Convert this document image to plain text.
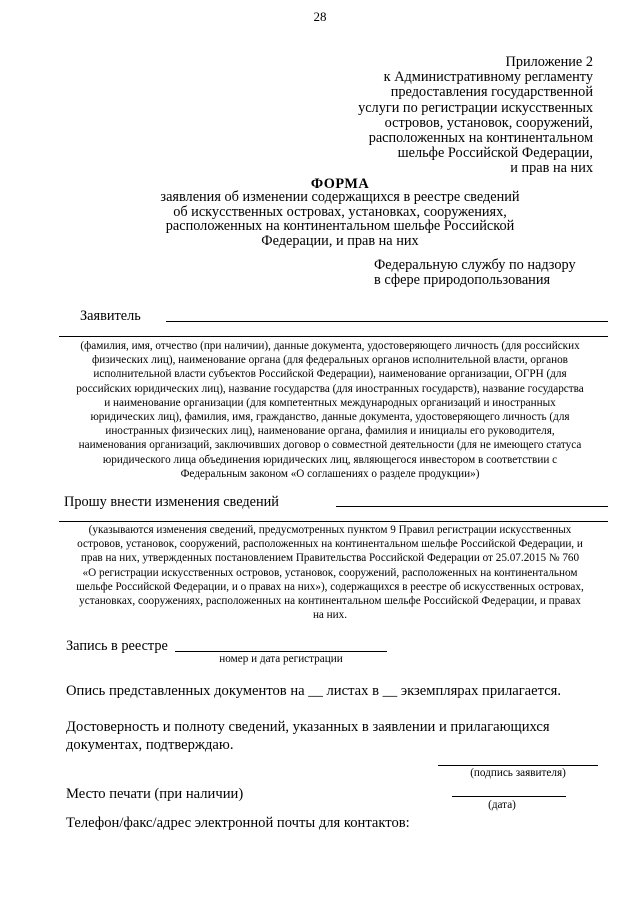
28
Приложение 2
к Административному регламенту
предоставления государственной
услуги по регистрации искусственных
островов, установок, сооружений,
расположенных на континентальном
шельфе Российской Федерации,
и прав на них
ФОРМА
заявления об изменении содержащихся в реестре сведений
об искусственных островах, установках, сооружениях,
расположенных на континентальном шельфе Российской
Федерации, и прав на них
Федеральную службу по надзору
в сфере природопользования
Заявитель
(фамилия, имя, отчество (при наличии), данные документа, удостоверяющего личность (для российских
физических лиц), наименование органа (для федеральных органов исполнительной власти, органов
исполнительной власти субъектов Российской Федерации), наименование организации, ОГРН (для
российских юридических лиц), название государства (для иностранных государств), название государства
и наименование организации (для компетентных международных организаций и иностранных
юридических лиц), фамилия, имя, гражданство, данные документа, удостоверяющего личность (для
иностранных физических лиц), наименование органа, фамилия и инициалы его руководителя,
наименования организаций, заключивших договор о совместной деятельности (для не имеющего статуса
юридического лица объединения юридических лиц, являющегося инвестором в соответствии с
Федеральным законом «О соглашениях о разделе продукции»)
Прошу внести изменения сведений
(указываются изменения сведений, предусмотренных пунктом 9 Правил регистрации искусственных
островов, установок, сооружений, расположенных на континентальном шельфе Российской Федерации, и
прав на них, утвержденных постановлением Правительства Российской Федерации от 25.07.2015 № 760
«О регистрации искусственных островов, установок, сооружений, расположенных на континентальном
шельфе Российской Федерации, и о правах на них»), содержащихся в реестре об искусственных островах,
установках, сооружениях, расположенных на континентальном шельфе Российской Федерации, и правах
на них.
Запись в реестре
номер и дата регистрации
Опись представленных документов на __ листах в __ экземплярах прилагается.
Достоверность и полноту сведений, указанных в заявлении и прилагающихся
документах, подтверждаю.
(подпись заявителя)
Место печати (при наличии)
(дата)
Телефон/факс/адрес электронной почты для контактов:
